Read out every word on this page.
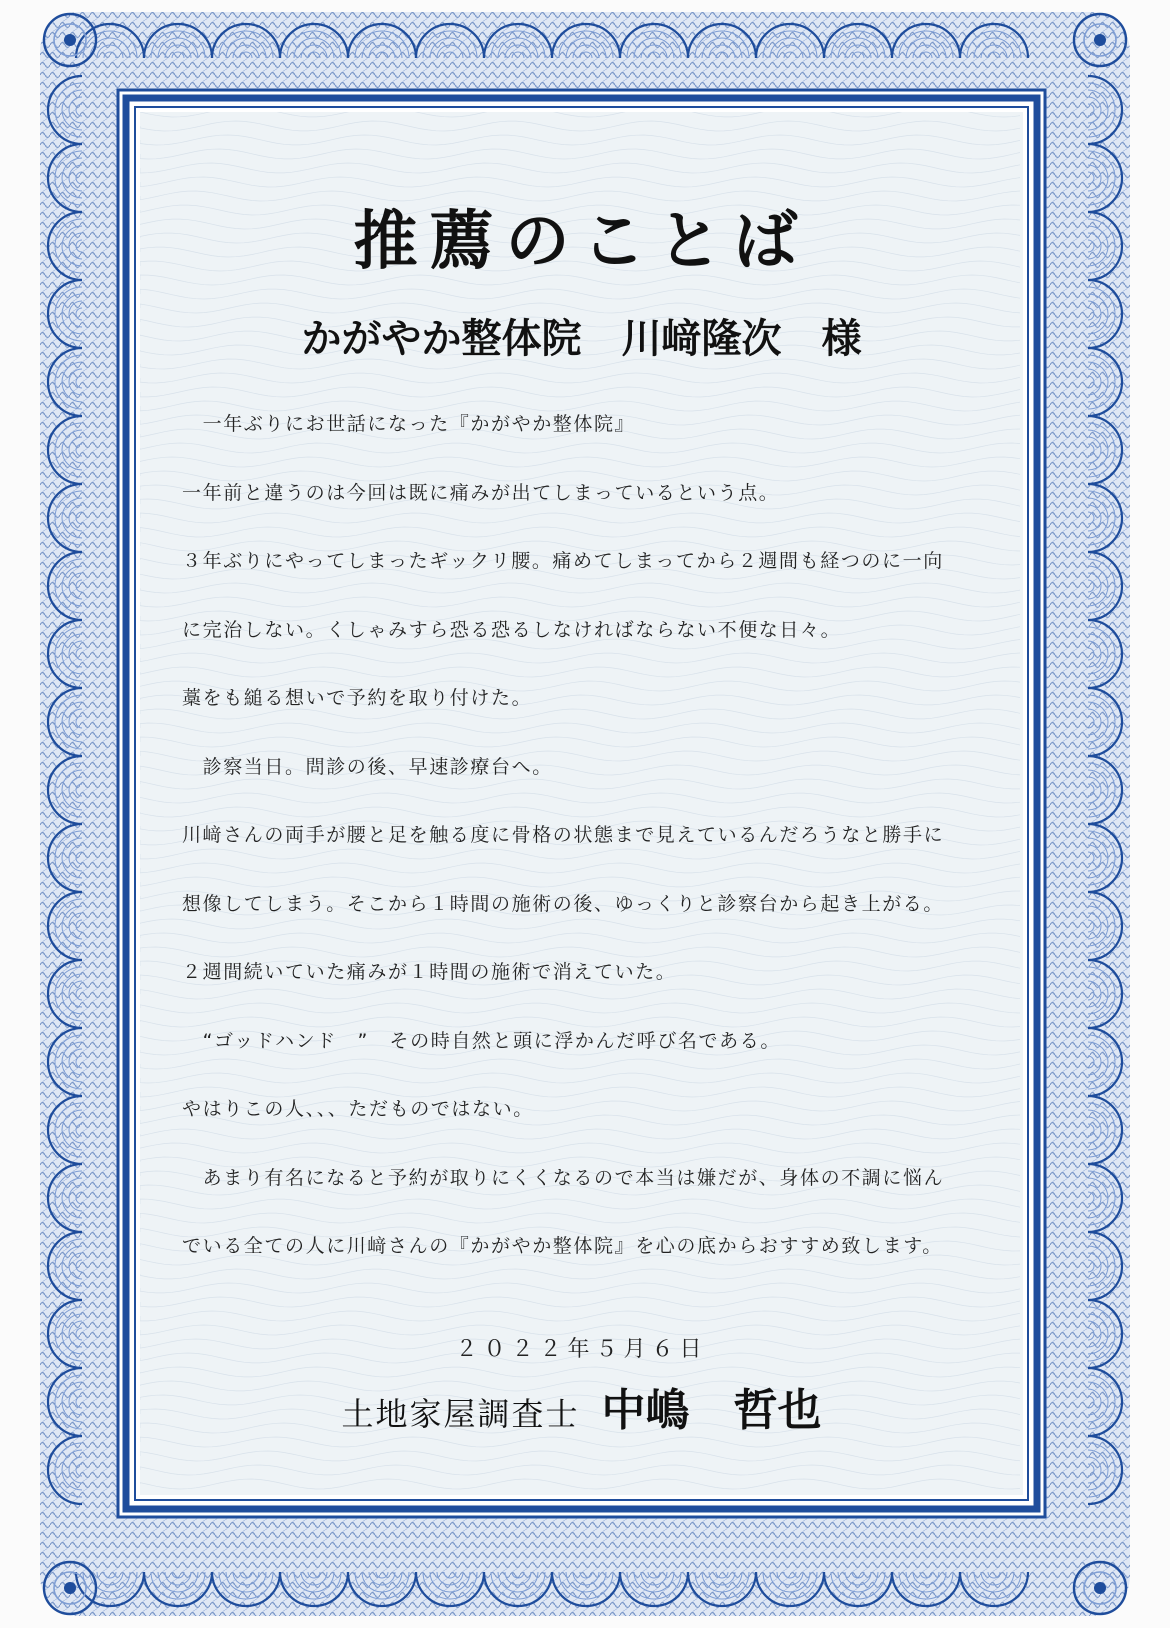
推薦のことば
かがやか整体院　川﨑隆次　様
　一年ぶりにお世話になった『かがやか整体院』
一年前と違うのは今回は既に痛みが出てしまっているという点。
３年ぶりにやってしまったギックリ腰。痛めてしまってから２週間も経つのに一向
に完治しない。くしゃみすら恐る恐るしなければならない不便な日々。
藁をも縋る想いで予約を取り付けた。
　診察当日。問診の後、早速診療台へ。
川﨑さんの両手が腰と足を触る度に骨格の状態まで見えているんだろうなと勝手に
想像してしまう。そこから１時間の施術の後、ゆっくりと診察台から起き上がる。
２週間続いていた痛みが１時間の施術で消えていた。
　“ゴッドハンド　”　その時自然と頭に浮かんだ呼び名である。
やはりこの人、、、ただものではない。
　あまり有名になると予約が取りにくくなるので本当は嫌だが、身体の不調に悩ん
でいる全ての人に川﨑さんの『かがやか整体院』を心の底からおすすめ致します。
２０２２年５月６日
土地家屋調査士 中嶋　哲也
